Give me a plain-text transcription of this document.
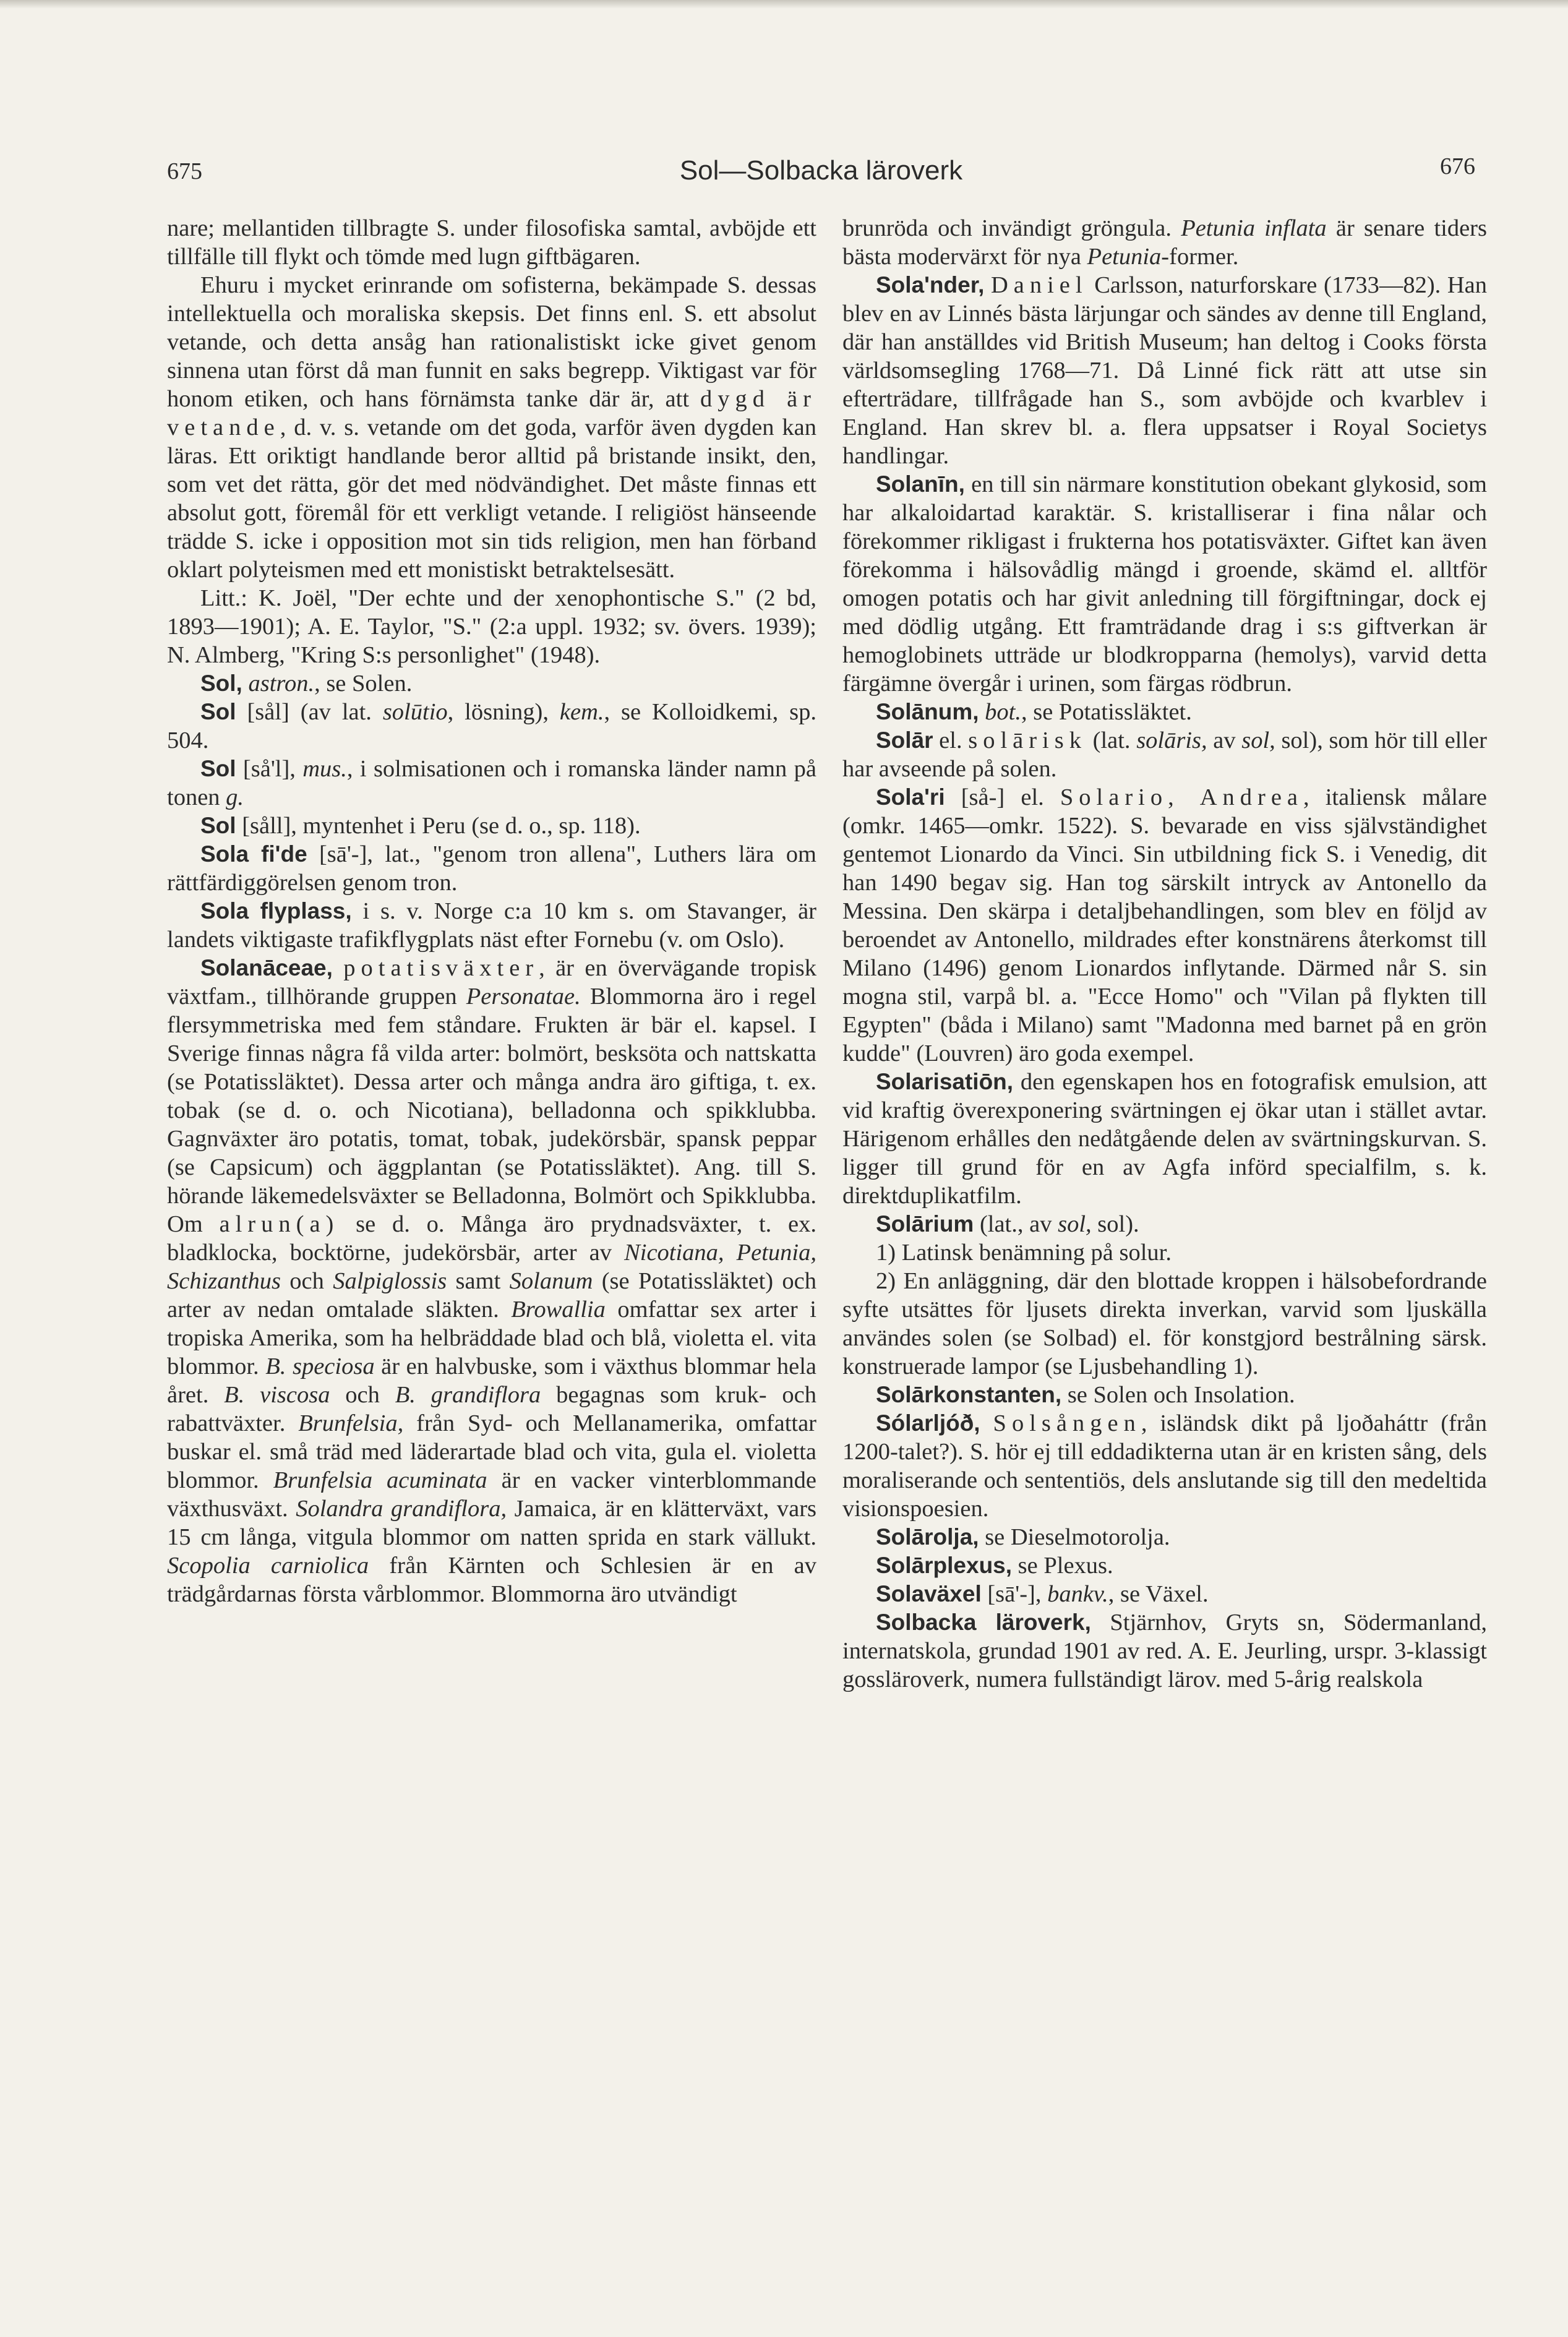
675	Sol—Solbacka läroverk	676

nare; mellantiden tillbragte S. under filosofiska samtal, avböjde ett tillfälle till flykt och tömde med lugn giftbägaren.

Ehuru i mycket erinrande om sofisterna, bekämpade S. dessas intellektuella och moraliska skepsis. Det finns enl. S. ett absolut vetande, och detta ansåg han rationalistiskt icke givet genom sinnena utan först då man funnit en saks begrepp. Viktigast var för honom etiken, och hans förnämsta tanke där är, att dygd är vetande, d. v. s. vetande om det goda, varför även dygden kan läras. Ett oriktigt handlande beror alltid på bristande insikt, den, som vet det rätta, gör det med nödvändighet. Det måste finnas ett absolut gott, föremål för ett verkligt vetande. I religiöst hänseende trädde S. icke i opposition mot sin tids religion, men han förband oklart polyteismen med ett monistiskt betraktelsesätt.

Litt.: K. Joël, "Der echte und der xenophontische S." (2 bd, 1893—1901); A. E. Taylor, "S." (2:a uppl. 1932; sv. övers. 1939); N. Almberg, "Kring S:s personlighet" (1948).

Sol, astron., se Solen.

Sol [sål] (av lat. solūtio, lösning), kem., se Kolloidkemi, sp. 504.

Sol [så'l], mus., i solmisationen och i romanska länder namn på tonen g.

Sol [såll], myntenhet i Peru (se d. o., sp. 118).

Sola fi'de [sā'-], lat., "genom tron allena", Luthers lära om rättfärdiggörelsen genom tron.

Sola flyplass, i s. v. Norge c:a 10 km s. om Stavanger, är landets viktigaste trafikflygplats näst efter Fornebu (v. om Oslo).

Solanāceae, potatisväxter, är en övervägande tropisk växtfam., tillhörande gruppen Personatae. Blommorna äro i regel flersymmetriska med fem ståndare. Frukten är bär el. kapsel. I Sverige finnas några få vilda arter: bolmört, besksöta och nattskatta (se Potatissläktet). Dessa arter och många andra äro giftiga, t. ex. tobak (se d. o. och Nicotiana), belladonna och spikklubba. Gagnväxter äro potatis, tomat, tobak, judekörsbär, spansk peppar (se Capsicum) och äggplantan (se Potatissläktet). Ang. till S. hörande läkemedelsväxter se Belladonna, Bolmört och Spikklubba. Om alrun(a) se d. o. Många äro prydnadsväxter, t. ex. bladklocka, bocktörne, judekörsbär, arter av Nicotiana, Petunia, Schizanthus och Salpiglossis samt Solanum (se Potatissläktet) och arter av nedan omtalade släkten. Browallia omfattar sex arter i tropiska Amerika, som ha helbräddade blad och blå, violetta el. vita blommor. B. speciosa är en halvbuske, som i växthus blommar hela året. B. viscosa och B. grandiflora begagnas som kruk- och rabattväxter. Brunfelsia, från Syd- och Mellanamerika, omfattar buskar el. små träd med läderartade blad och vita, gula el. violetta blommor. Brunfelsia acuminata är en vacker vinterblommande växthusväxt. Solandra grandiflora, Jamaica, är en klätterväxt, vars 15 cm långa, vitgula blommor om natten sprida en stark vällukt. Scopolia carniolica från Kärnten och Schlesien är en av trädgårdarnas första vårblommor. Blommorna äro utvändigt

brunröda och invändigt gröngula. Petunia inflata är senare tiders bästa modervärxt för nya Petunia-former.

Sola'nder, Daniel Carlsson, naturforskare (1733—82). Han blev en av Linnés bästa lärjungar och sändes av denne till England, där han anställdes vid British Museum; han deltog i Cooks första världsomsegling 1768—71. Då Linné fick rätt att utse sin efterträdare, tillfrågade han S., som avböjde och kvarblev i England. Han skrev bl. a. flera uppsatser i Royal Societys handlingar.

Solanīn, en till sin närmare konstitution obekant glykosid, som har alkaloidartad karaktär. S. kristalliserar i fina nålar och förekommer rikligast i frukterna hos potatisväxter. Giftet kan även förekomma i hälsovådlig mängd i groende, skämd el. alltför omogen potatis och har givit anledning till förgiftningar, dock ej med dödlig utgång. Ett framträdande drag i s:s giftverkan är hemoglobinets utträde ur blodkropparna (hemolys), varvid detta färgämne övergår i urinen, som färgas rödbrun.

Solānum, bot., se Potatissläktet.

Solār el. solārisk (lat. solāris, av sol, sol), som hör till eller har avseende på solen.

Sola'ri [så-] el. Solario, Andrea, italiensk målare (omkr. 1465—omkr. 1522). S. bevarade en viss självständighet gentemot Lionardo da Vinci. Sin utbildning fick S. i Venedig, dit han 1490 begav sig. Han tog särskilt intryck av Antonello da Messina. Den skärpa i detaljbehandlingen, som blev en följd av beroendet av Antonello, mildrades efter konstnärens återkomst till Milano (1496) genom Lionardos inflytande. Därmed når S. sin mogna stil, varpå bl. a. "Ecce Homo" och "Vilan på flykten till Egypten" (båda i Milano) samt "Madonna med barnet på en grön kudde" (Louvren) äro goda exempel.

Solarisatiōn, den egenskapen hos en fotografisk emulsion, att vid kraftig överexponering svärtningen ej ökar utan i stället avtar. Härigenom erhålles den nedåtgående delen av svärtningskurvan. S. ligger till grund för en av Agfa införd specialfilm, s. k. direktduplikatfilm.

Solārium (lat., av sol, sol).

1) Latinsk benämning på solur.

2) En anläggning, där den blottade kroppen i hälsobefordrande syfte utsättes för ljusets direkta inverkan, varvid som ljuskälla användes solen (se Solbad) el. för konstgjord bestrålning särsk. konstruerade lampor (se Ljusbehandling 1).

Solārkonstanten, se Solen och Insolation.

Sólarljóð, Solsången, isländsk dikt på ljoðaháttr (från 1200-talet?). S. hör ej till eddadikterna utan är en kristen sång, dels moraliserande och sententiös, dels anslutande sig till den medeltida visionspoesien.

Solārolja, se Dieselmotorolja.

Solārplexus, se Plexus.

Solaväxel [sā'-], bankv., se Växel.

Solbacka läroverk, Stjärnhov, Gryts sn, Södermanland, internatskola, grundad 1901 av red. A. E. Jeurling, urspr. 3-klassigt gossläroverk, numera fullständigt lärov. med 5-årig realskola
